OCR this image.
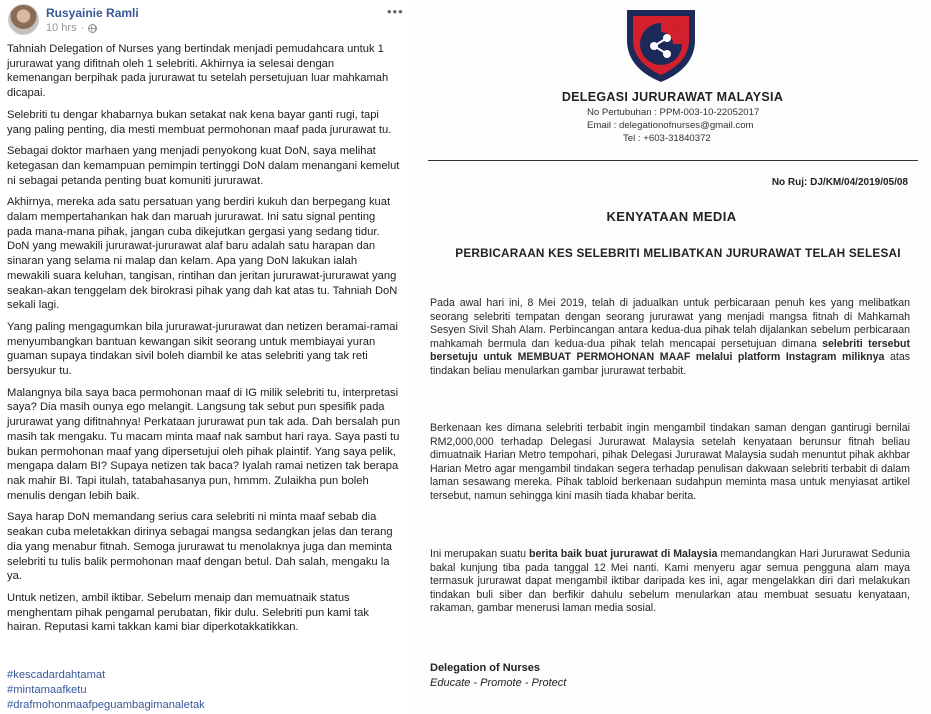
Rusyainie Ramli
10 hrs ·
•••

Tahniah Delegation of Nurses yang bertindak menjadi pemudahcara untuk 1 jururawat yang difitnah oleh 1 selebriti. Akhirnya ia selesai dengan kemenangan berpihak pada jururawat tu setelah persetujuan luar mahkamah dicapai.

Selebriti tu dengar khabarnya bukan setakat nak kena bayar ganti rugi, tapi yang paling penting, dia mesti membuat permohonan maaf pada jururawat tu.

Sebagai doktor marhaen yang menjadi penyokong kuat DoN, saya melihat ketegasan dan kemampuan pemimpin tertinggi DoN dalam menangani kemelut ni sebagai petanda penting buat komuniti jururawat.

Akhirnya, mereka ada satu persatuan yang berdiri kukuh dan berpegang kuat dalam mempertahankan hak dan maruah jururawat. Ini satu signal penting pada mana-mana pihak, jangan cuba dikejutkan gergasi yang sedang tidur. DoN yang mewakili jururawat-jururawat alaf baru adalah satu harapan dan sinaran yang selama ni malap dan kelam. Apa yang DoN lakukan ialah mewakili suara keluhan, tangisan, rintihan dan jeritan jururawat-jururawat yang seakan-akan tenggelam dek birokrasi pihak yang dah kat atas tu. Tahniah DoN sekali lagi.

Yang paling mengagumkan bila jururawat-jururawat dan netizen beramai-ramai menyumbangkan bantuan kewangan sikit seorang untuk membiayai yuran guaman supaya tindakan sivil boleh diambil ke atas selebriti yang tak reti bersyukur tu.

Malangnya bila saya baca permohonan maaf di IG milik selebriti tu, interpretasi saya? Dia masih ounya ego melangit. Langsung tak sebut pun spesifik pada jururawat yang difitnahnya! Perkataan jururawat pun tak ada. Dah bersalah pun masih tak mengaku. Tu macam minta maaf nak sambut hari raya. Saya pasti tu bukan permohonan maaf yang dipersetujui oleh pihak plaintif. Yang saya pelik, mengapa dalam BI? Supaya netizen tak baca? Iyalah ramai netizen tak berapa nak mahir BI. Tapi itulah, tatabahasanya pun, hmmm. Zulaikha pun boleh menulis dengan lebih baik.

Saya harap DoN memandang serius cara selebriti ni minta maaf sebab dia seakan cuba meletakkan dirinya sebagai mangsa sedangkan jelas dan terang dia yang menabur fitnah. Semoga jururawat tu menolaknya juga dan meminta selebriti tu tulis balik permohonan maaf dengan betul. Dah salah, mengaku la ya.

Untuk netizen, ambil iktibar. Sebelum menaip dan memuatnaik status menghentam pihak pengamal perubatan, fikir dulu. Selebriti pun kami tak hairan. Reputasi kami takkan kami biar diperkotakkatikkan.

#kescadardahtamat
#mintamaafketu
#drafmohonmaafpeguambagimanaletak
DELEGASI JURURAWAT MALAYSIA
No Pertubuhan :
PPM-003-10-22052017
Email :
delegationofnurses@gmail.com
Tel :
+603-31840372
No Ruj: DJ/KM/04/2019/05/08
KENYATAAN MEDIA
PERBICARAAN KES SELEBRITI MELIBATKAN JURURAWAT TELAH SELESAI
Pada awal hari ini, 8 Mei 2019, telah di jadualkan untuk perbicaraan penuh kes yang melibatkan seorang selebriti tempatan dengan seorang jururawat yang menjadi mangsa fitnah di Mahkamah Sesyen Sivil Shah Alam. Perbincangan antara kedua-dua pihak telah dijalankan sebelum perbicaraan mahkamah bermula dan kedua-dua pihak telah mencapai persetujuan dimana selebriti tersebut bersetuju untuk MEMBUAT PERMOHONAN MAAF melalui platform Instagram miliknya atas tindakan beliau menularkan gambar jururawat terbabit.
Berkenaan kes dimana selebriti terbabit ingin mengambil tindakan saman dengan gantirugi bernilai RM2,000,000 terhadap Delegasi Jururawat Malaysia setelah kenyataan berunsur fitnah beliau dimuatnaik Harian Metro tempohari, pihak Delegasi Jururawat Malaysia sudah menuntut pihak akhbar Harian Metro agar mengambil tindakan segera terhadap penulisan dakwaan selebriti terbabit di dalam laman sesawang mereka. Pihak tabloid berkenaan sudahpun meminta masa untuk menyiasat artikel tersebut, namun sehingga kini masih tiada khabar berita.
Ini merupakan suatu berita baik buat jururawat di Malaysia memandangkan Hari Jururawat Sedunia bakal kunjung tiba pada tanggal 12 Mei nanti. Kami menyeru agar semua pengguna alam maya termasuk jururawat dapat mengambil iktibar daripada kes ini, agar mengelakkan diri dari melakukan tindakan buli siber dan berfikir dahulu sebelum menularkan atau membuat sesuatu kenyataan, rakaman, gambar menerusi laman media sosial.
Delegation of Nurses
Educate - Promote - Protect
